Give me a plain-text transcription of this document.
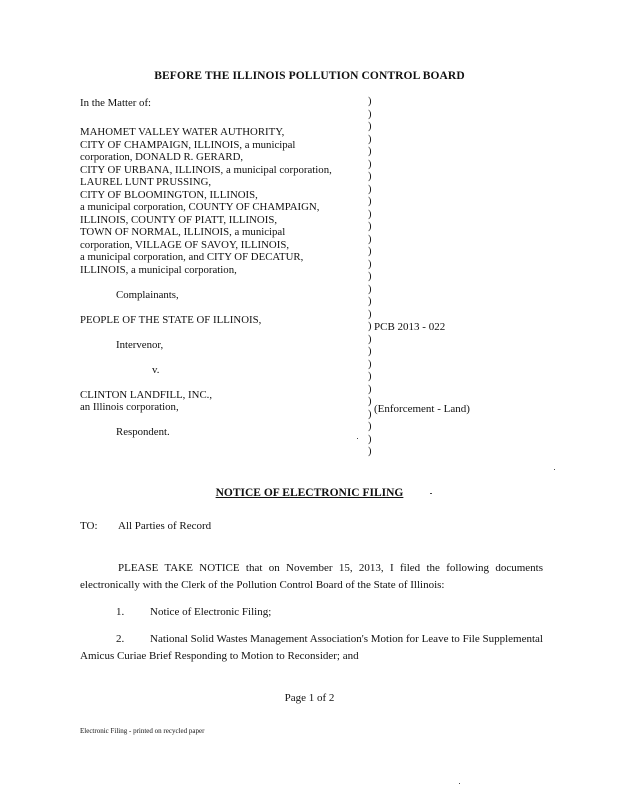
BEFORE THE ILLINOIS POLLUTION CONTROL BOARD
In the Matter of:
MAHOMET VALLEY WATER AUTHORITY,
CITY OF CHAMPAIGN, ILLINOIS, a municipal
corporation, DONALD R. GERARD,
CITY OF URBANA, ILLINOIS, a municipal corporation,
LAUREL LUNT PRUSSING,
CITY OF BLOOMINGTON, ILLINOIS,
a municipal corporation, COUNTY OF CHAMPAIGN,
ILLINOIS, COUNTY OF PIATT, ILLINOIS,
TOWN OF NORMAL, ILLINOIS, a municipal
corporation, VILLAGE OF SAVOY, ILLINOIS,
a municipal corporation, and CITY OF DECATUR,
ILLINOIS, a municipal corporation,
Complainants,
PEOPLE OF THE STATE OF ILLINOIS,
Intervenor,
v.
CLINTON LANDFILL, INC.,
an Illinois corporation,
Respondent.
)
)
)
)
)
)
)
)
)
)
)
)
)
)
)
)
)
)
)
)
)
)
)
)
)
)
)
)
)
PCB 2013 - 022
(Enforcement - Land)
NOTICE OF ELECTRONIC FILING
TO: All Parties of Record
PLEASE TAKE NOTICE that on November 15, 2013, I filed the following documents electronically with the Clerk of the Pollution Control Board of the State of Illinois:
1. Notice of Electronic Filing;
2. National Solid Wastes Management Association's Motion for Leave to File Supplemental Amicus Curiae Brief Responding to Motion to Reconsider; and
Page 1 of 2
Electronic Filing - printed on recycled paper
